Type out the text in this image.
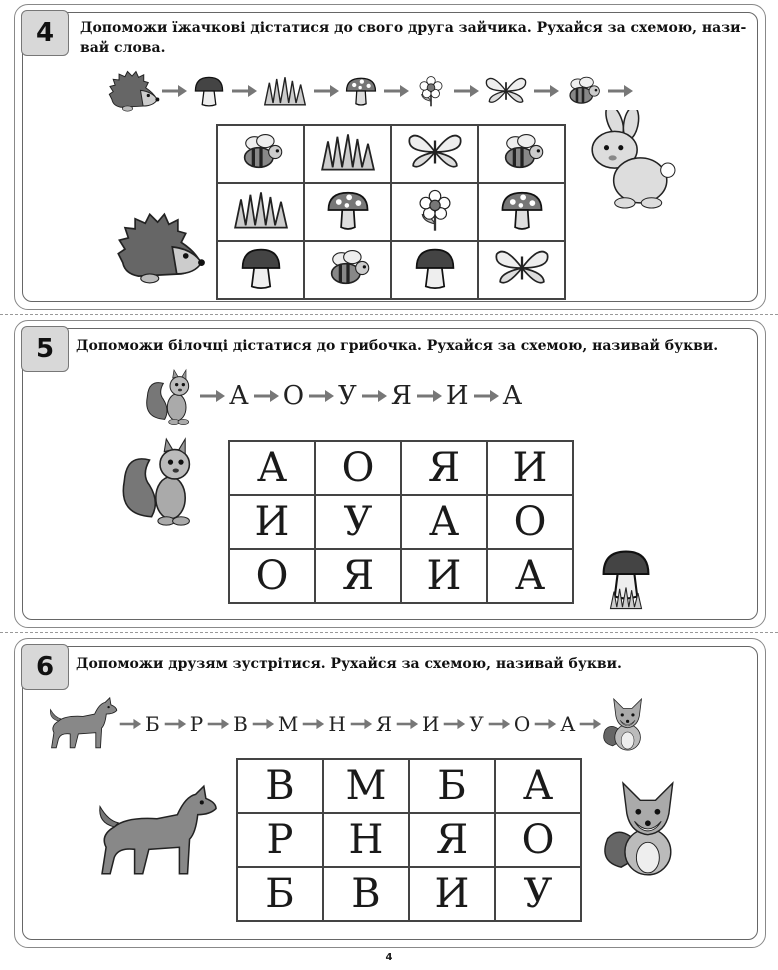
4	Допоможи їжачкові дістатися до свого друга зайчика. Рухайся за схемою, нази-
вай слова.

5	Допоможи білочці дістатися до грибочка. Рухайся за схемою, називай букви.
А О У Я И А
А	О	Я	И
И	У	А	О
О	Я	И	А
6	Допоможи друзям зустрітися. Рухайся за схемою, називай букви.
Б Р В М Н Я И У О А
В	М	Б	А
Р	Н	Я	О
Б	В	И	У
4
